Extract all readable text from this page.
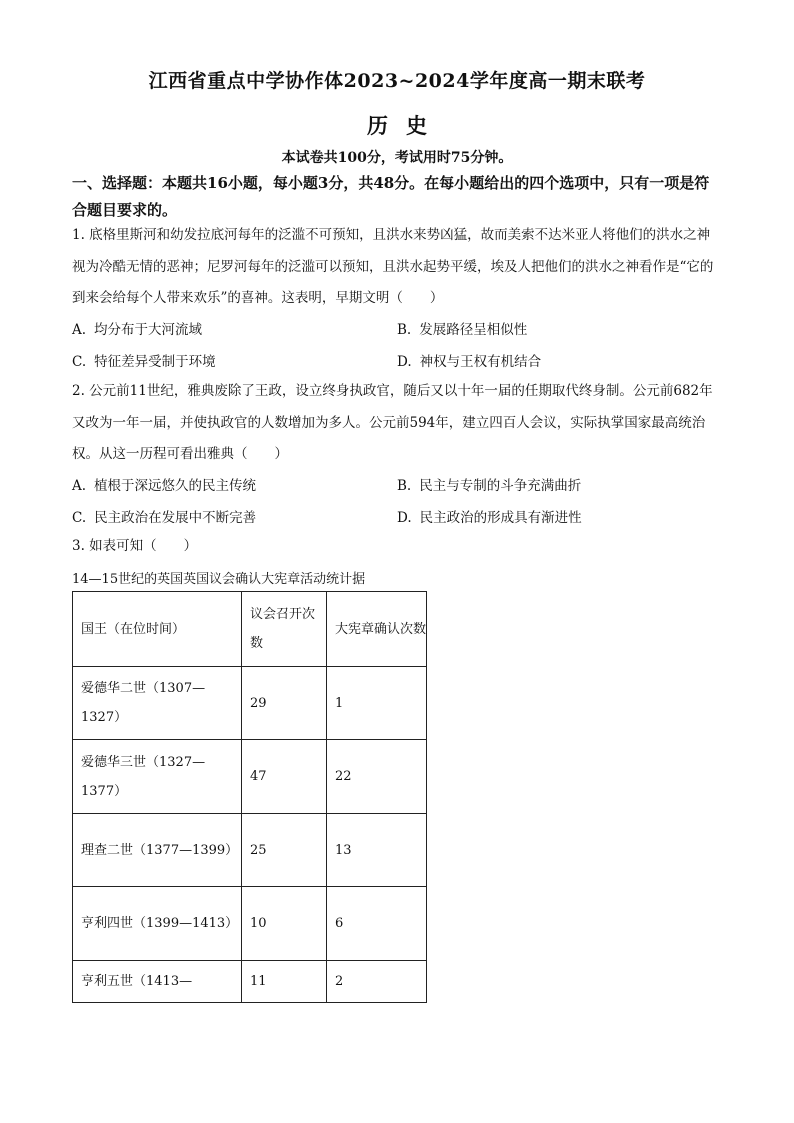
江西省重点中学协作体2023~2024学年度高一期末联考
历史
本试卷共100分，考试用时75分钟。
一、选择题：本题共16小题，每小题3分，共48分。在每小题给出的四个选项中，只有一项是符合题目要求的。
1. 底格里斯河和幼发拉底河每年的泛滥不可预知，且洪水来势凶猛，故而美索不达米亚人将他们的洪水之神视为冷酷无情的恶神；尼罗河每年的泛滥可以预知，且洪水起势平缓，埃及人把他们的洪水之神看作是“它的到来会给每个人带来欢乐”的喜神。这表明，早期文明（　　）
A. 均分布于大河流域	B. 发展路径呈相似性
C. 特征差异受制于环境	D. 神权与王权有机结合
2. 公元前11世纪，雅典废除了王政，设立终身执政官，随后又以十年一届的任期取代终身制。公元前682年又改为一年一届，并使执政官的人数增加为多人。公元前594年，建立四百人会议，实际执掌国家最高统治权。从这一历程可看出雅典（　　）
A. 植根于深远悠久的民主传统	B. 民主与专制的斗争充满曲折
C. 民主政治在发展中不断完善	D. 民主政治的形成具有渐进性
3. 如表可知（　　）
14—15世纪的英国英国议会确认大宪章活动统计据
国王（在位时间）	议会召开次数	大宪章确认次数
爱德华二世（1307—1327）	29	1
爱德华三世（1327—1377）	47	22
理查二世（1377—1399）	25	13
亨利四世（1399—1413）	10	6
亨利五世（1413—	11	2
